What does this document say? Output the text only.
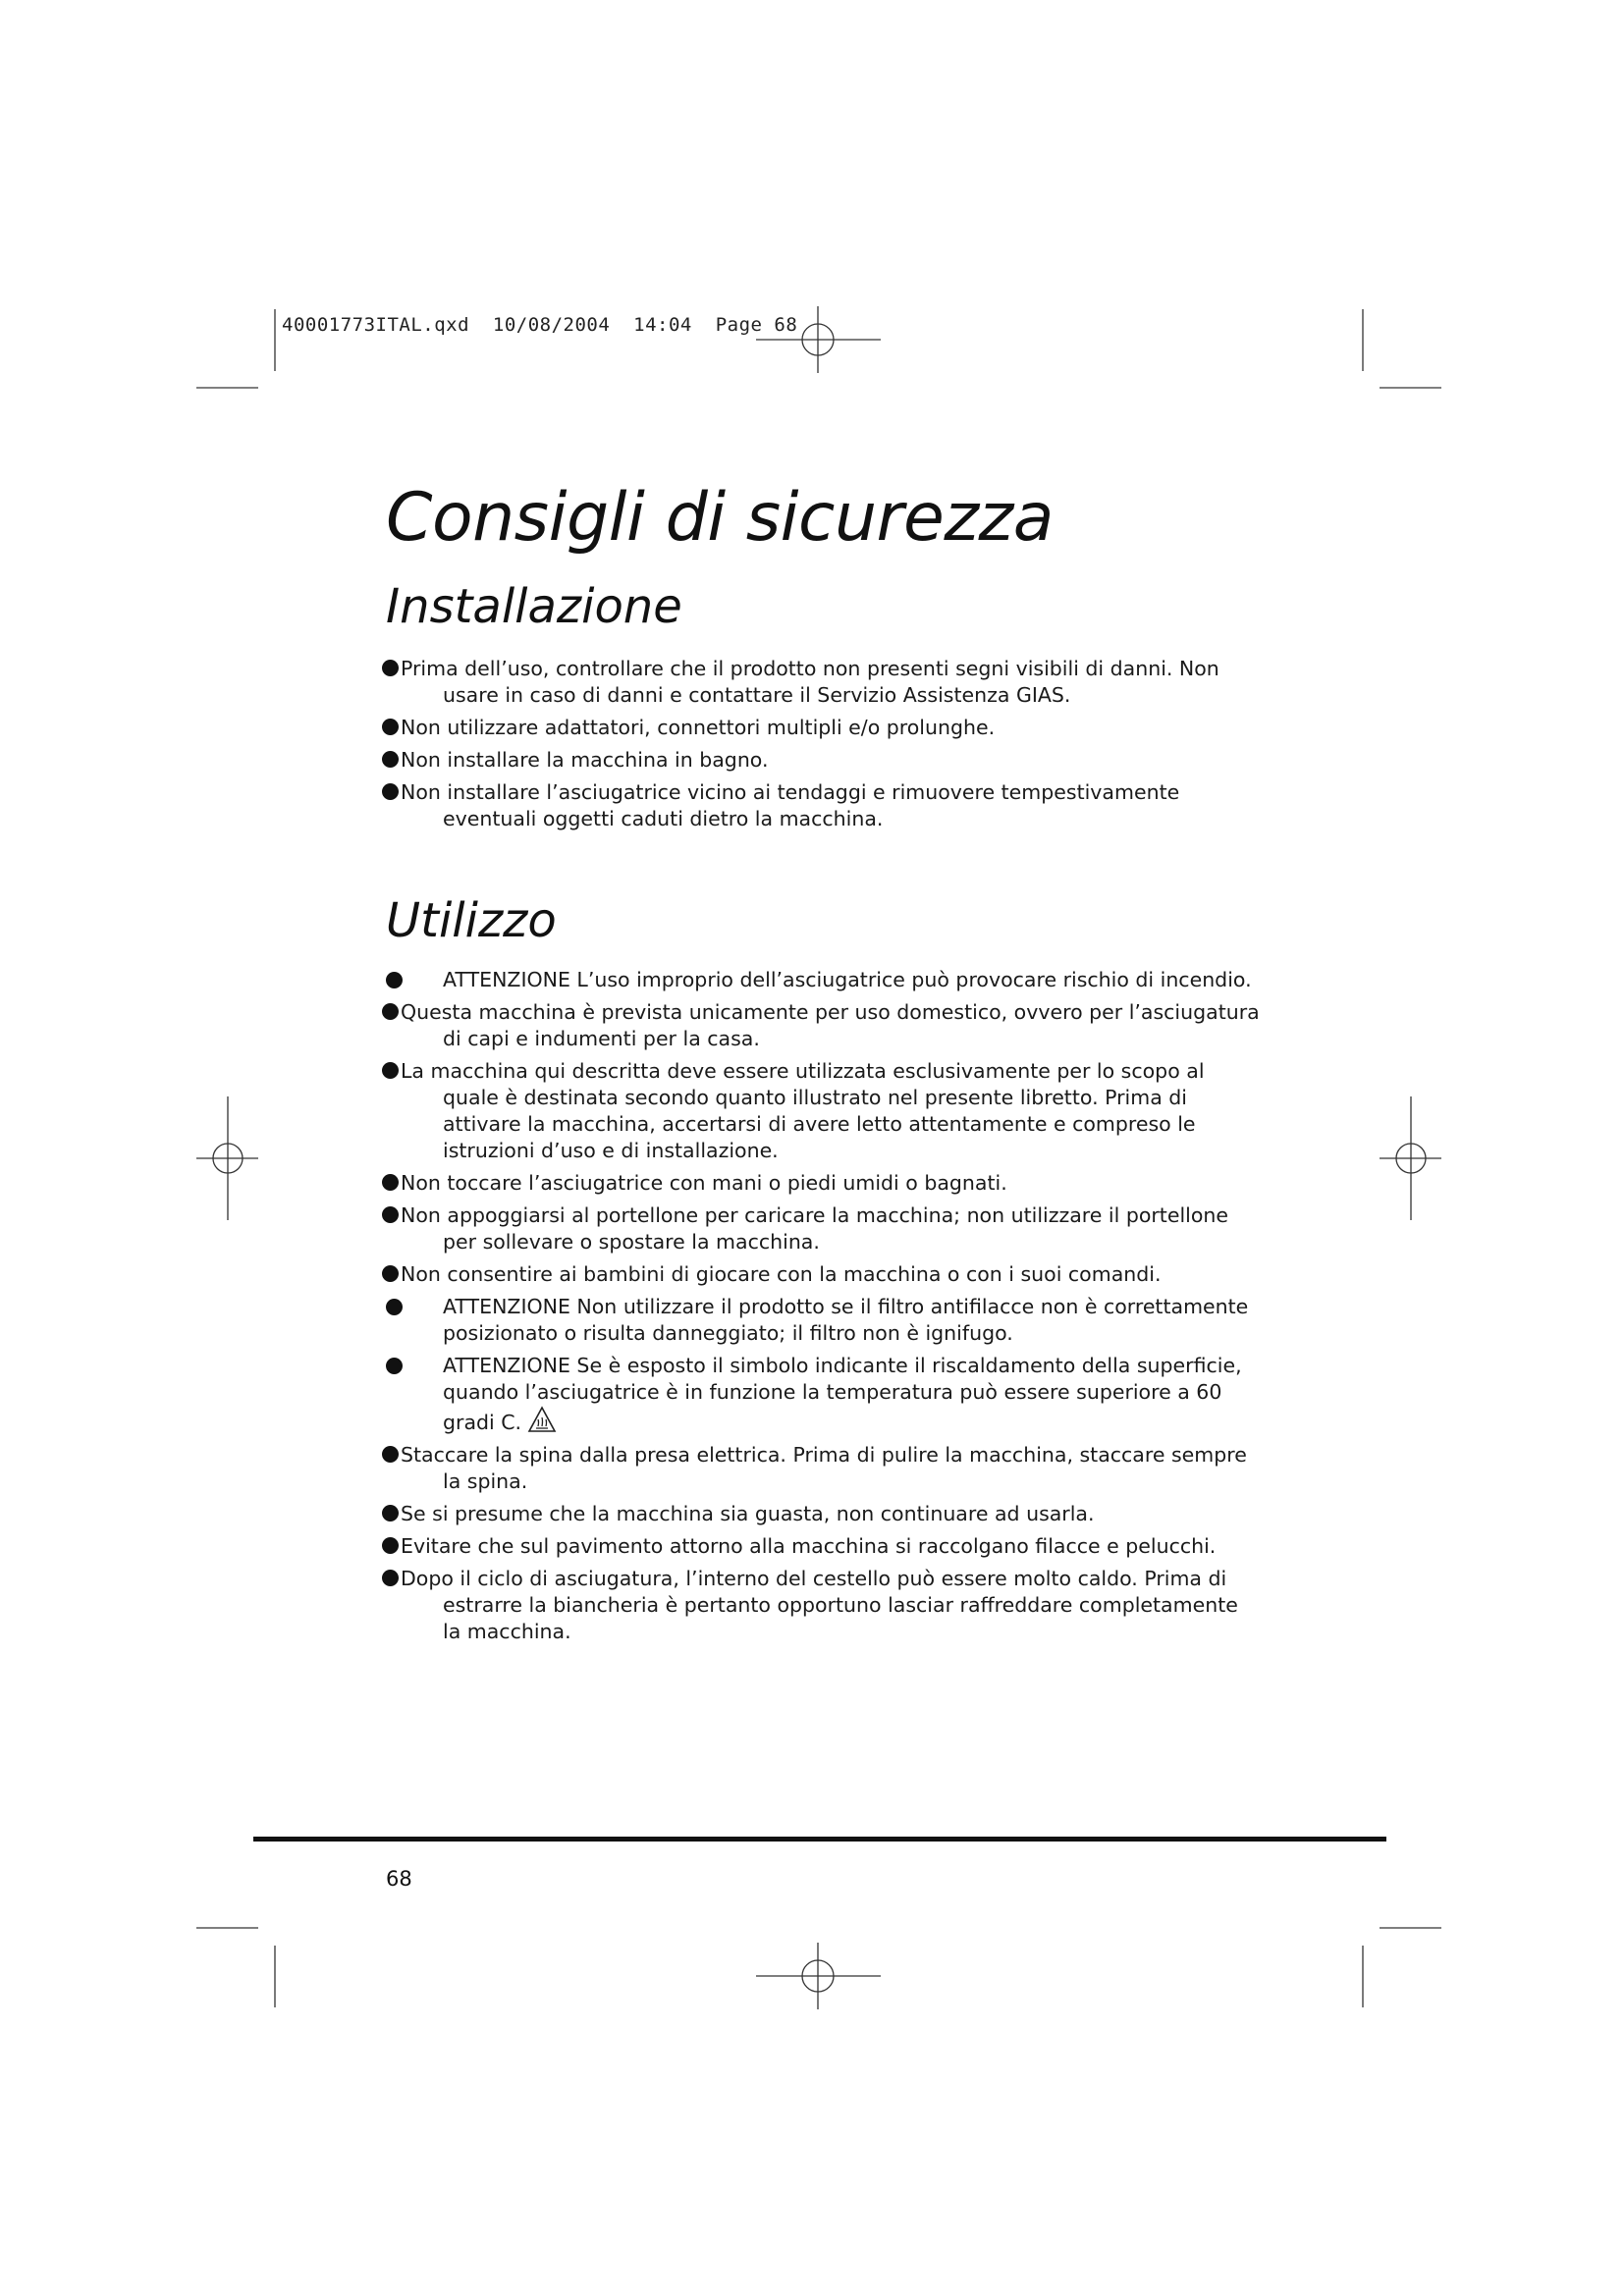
40001773ITAL.qxd  10/08/2004  14:04  Page 68
Consigli di sicurezza
Installazione
Prima dell’uso, controllare che il prodotto non presenti segni visibili di danni. Non usare in caso di danni e contattare il Servizio Assistenza GIAS.
Non utilizzare adattatori, connettori multipli e/o prolunghe.
Non installare la macchina in bagno.
Non installare l’asciugatrice vicino ai tendaggi e rimuovere tempestivamente eventuali oggetti caduti dietro la macchina.
Utilizzo
ATTENZIONE L’uso improprio dell’asciugatrice può provocare rischio di incendio.
Questa macchina è prevista unicamente per uso domestico, ovvero per l’asciugatura di capi e indumenti per la casa.
La macchina qui descritta deve essere utilizzata esclusivamente per lo scopo al quale è destinata secondo quanto illustrato nel presente libretto. Prima di attivare la macchina, accertarsi di avere letto attentamente e compreso le istruzioni d’uso e di installazione.
Non toccare l’asciugatrice con mani o piedi umidi o bagnati.
Non appoggiarsi al portellone per caricare la macchina; non utilizzare il portellone per sollevare o spostare la macchina.
Non consentire ai bambini di giocare con la macchina o con i suoi comandi.
ATTENZIONE Non utilizzare il prodotto se il filtro antifilacce non è correttamente posizionato o risulta danneggiato; il filtro non è ignifugo.
ATTENZIONE Se è esposto il simbolo indicante il riscaldamento della superficie, quando l’asciugatrice è in funzione la temperatura può essere superiore a 60 gradi C.
Staccare la spina dalla presa elettrica. Prima di pulire la macchina, staccare sempre la spina.
Se si presume che la macchina sia guasta, non continuare ad usarla.
Evitare che sul pavimento attorno alla macchina si raccolgano filacce e pelucchi.
Dopo il ciclo di asciugatura, l’interno del cestello può essere molto caldo. Prima di estrarre la biancheria è pertanto opportuno lasciar raffreddare completamente la macchina.
68
